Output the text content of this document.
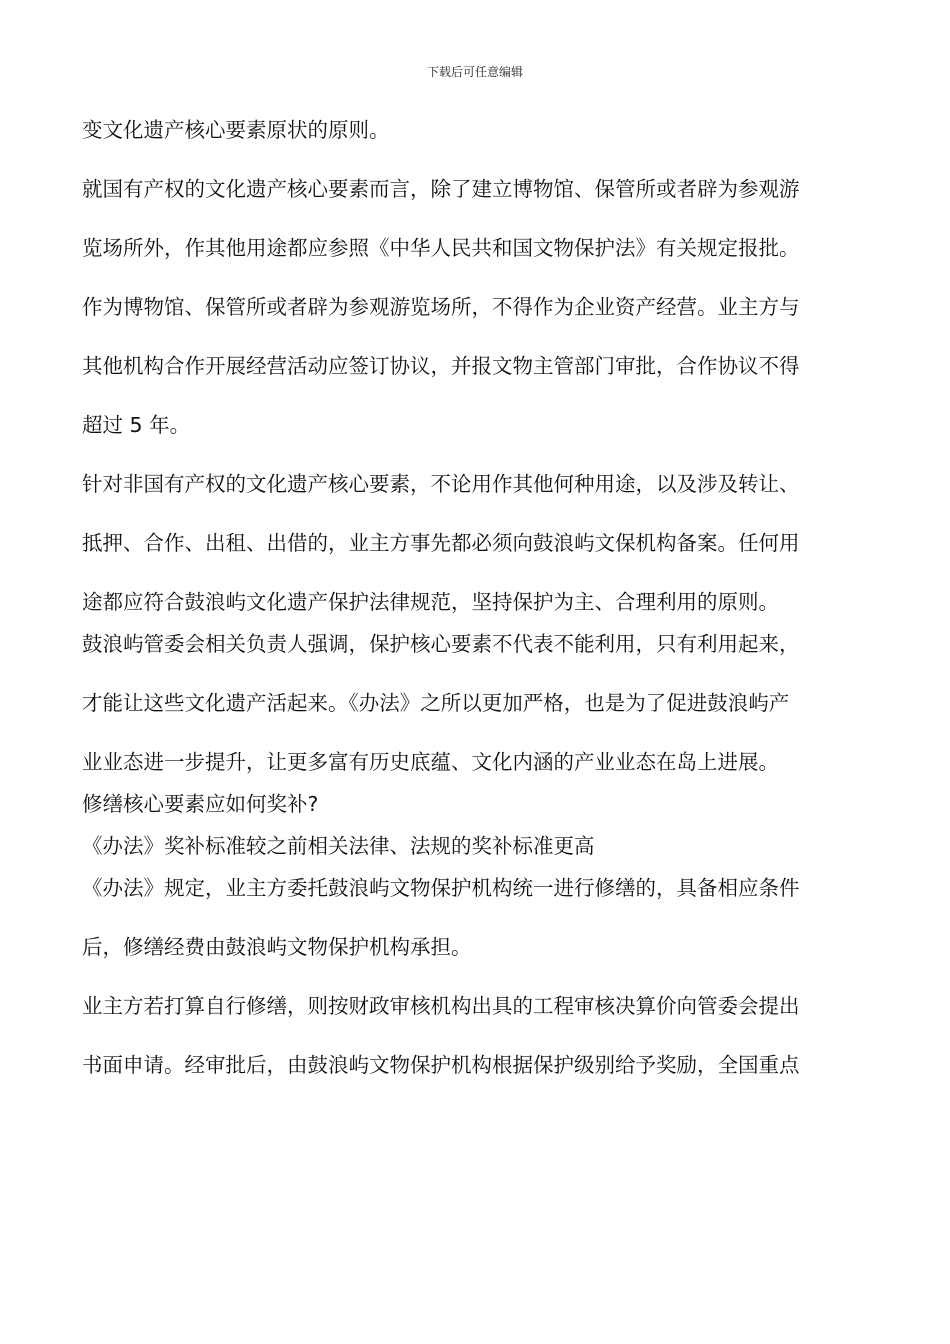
下载后可任意编辑
变文化遗产核心要素原状的原则。
就国有产权的文化遗产核心要素而言，除了建立博物馆、保管所或者辟为参观游
览场所外，作其他用途都应参照《中华人民共和国文物保护法》有关规定报批。
作为博物馆、保管所或者辟为参观游览场所，不得作为企业资产经营。业主方与
其他机构合作开展经营活动应签订协议，并报文物主管部门审批，合作协议不得
超过 5 年。
针对非国有产权的文化遗产核心要素，不论用作其他何种用途，以及涉及转让、
抵押、合作、出租、出借的，业主方事先都必须向鼓浪屿文保机构备案。任何用
途都应符合鼓浪屿文化遗产保护法律规范，坚持保护为主、合理利用的原则。
鼓浪屿管委会相关负责人强调，保护核心要素不代表不能利用，只有利用起来，
才能让这些文化遗产活起来。《办法》之所以更加严格，也是为了促进鼓浪屿产
业业态进一步提升，让更多富有历史底蕴、文化内涵的产业业态在岛上进展。
修缮核心要素应如何奖补?
《办法》奖补标准较之前相关法律、法规的奖补标准更高
《办法》规定，业主方委托鼓浪屿文物保护机构统一进行修缮的，具备相应条件
后，修缮经费由鼓浪屿文物保护机构承担。
业主方若打算自行修缮，则按财政审核机构出具的工程审核决算价向管委会提出
书面申请。经审批后，由鼓浪屿文物保护机构根据保护级别给予奖励，全国重点
